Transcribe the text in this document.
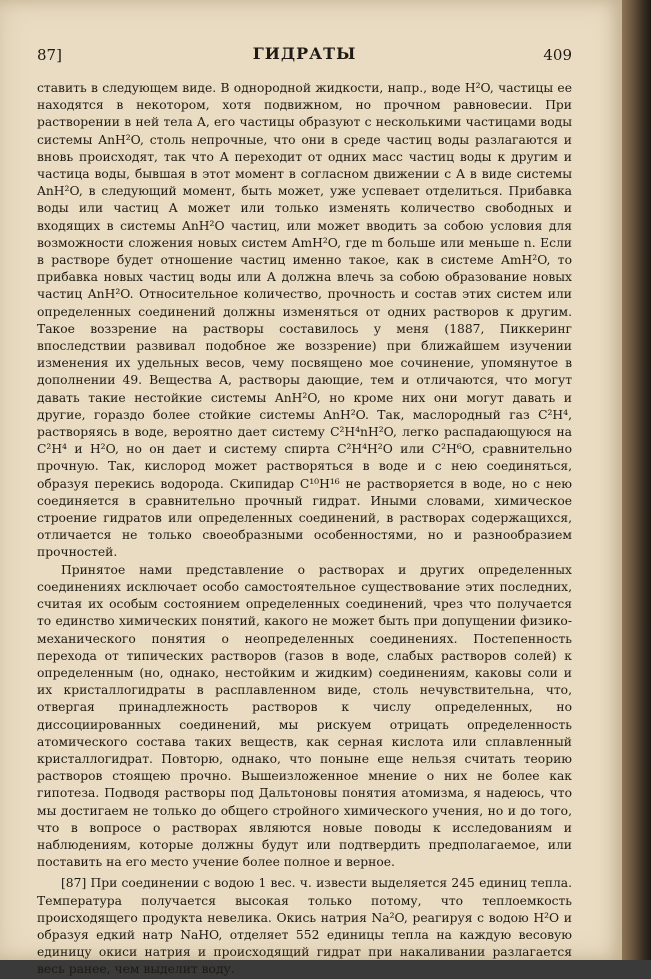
87]	ГИДРАТЫ	409

ставить в следующем виде. В однородной жидкости, напр., воде H²O, частицы ее находятся в некотором, хотя подвижном, но прочном равновесии. При растворении в ней тела A, его частицы образуют с несколькими частицами воды системы AnH²O, столь непрочные, что они в среде частиц воды разлагаются и вновь происходят, так что A переходит от одних масс частиц воды к другим и частица воды, бывшая в этот момент в согласном движении с A в виде системы AnH²O, в следующий момент, быть может, уже успевает отделиться. Прибавка воды или частиц A может или только изменять количество свободных и входящих в системы AnH²O частиц, или может вводить за собою условия для возможности сложения новых систем AmH²O, где m больше или меньше n. Если в растворе будет отношение частиц именно такое, как в системе AmH²O, то прибавка новых частиц воды или A должна влечь за собою образование новых частиц AnH²O. Относительное количество, прочность и состав этих систем или определенных соединений должны изменяться от одних растворов к другим. Такое воззрение на растворы составилось у меня (1887, Пиккеринг впоследствии развивал подобное же воззрение) при ближайшем изучении изменения их удельных весов, чему посвящено мое сочинение, упомянутое в дополнении 49. Вещества A, растворы дающие, тем и отличаются, что могут давать такие нестойкие системы AnH²O, но кроме них они могут давать и другие, гораздо более стойкие системы AnH²O. Так, маслородный газ C²H⁴, растворяясь в воде, вероятно дает систему C²H⁴nH²O, легко распадающуюся на C²H⁴ и H²O, но он дает и систему спирта C²H⁴H²O или C²H⁶O, сравнительно прочную. Так, кислород может растворяться в воде и с нею соединяться, образуя перекись водорода. Скипидар C¹⁰H¹⁶ не растворяется в воде, но с нею соединяется в сравнительно прочный гидрат. Иными словами, химическое строение гидратов или определенных соединений, в растворах содержащихся, отличается не только своеобразными особенностями, но и разнообразием прочностей.

Принятое нами представление о растворах и других определенных соединениях исключает особо самостоятельное существование этих последних, считая их особым состоянием определенных соединений, чрез что получается то единство химических понятий, какого не может быть при допущении физико-механического понятия о неопределенных соединениях. Постепенность перехода от типических растворов (газов в воде, слабых растворов солей) к определенным (но, однако, нестойким и жидким) соединениям, каковы соли и их кристаллогидраты в расплавленном виде, столь нечувствительна, что, отвергая принадлежность растворов к числу определенных, но диссоциированных соединений, мы рискуем отрицать определенность атомического состава таких веществ, как серная кислота или сплавленный кристаллогидрат. Повторю, однако, что поныне еще нельзя считать теорию растворов стоящею прочно. Вышеизложенное мнение о них не более как гипотеза. Подводя растворы под Дальтоновы понятия атомизма, я надеюсь, что мы достигаем не только до общего стройного химического учения, но и до того, что в вопросе о растворах являются новые поводы к исследованиям и наблюдениям, которые должны будут или подтвердить предполагаемое, или поставить на его место учение более полное и верное.

[87] При соединении с водою 1 вес. ч. извести выделяется 245 единиц тепла. Температура получается высокая только потому, что теплоемкость происходящего продукта невелика. Окись натрия Na²O, реагируя с водою H²O и образуя едкий натр NaHO, отделяет 552 единицы тепла на каждую весовую единицу окиси натрия и происходящий гидрат при накаливании разлагается весь ранее, чем выделит воду.
